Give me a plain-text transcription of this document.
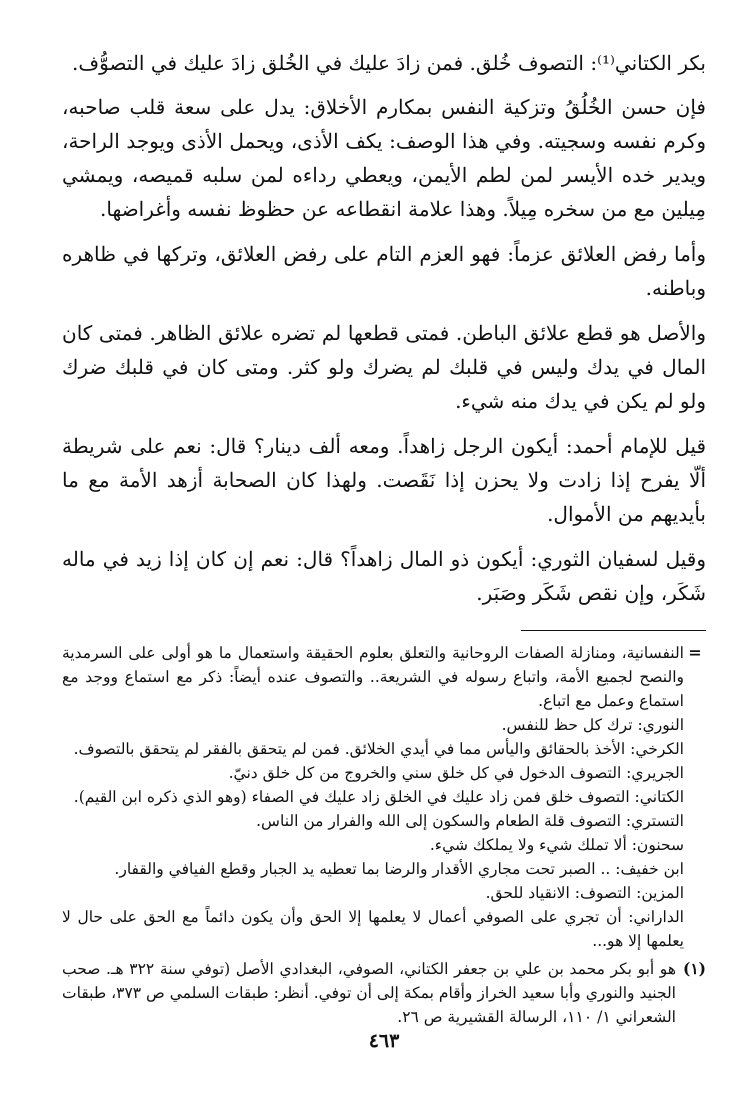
بكر الكتاني⁽¹⁾: التصوف خُلق. فمن زادَ عليك في الخُلق زادَ عليك في التصوُّف.

فإن حسن الخُلُقُ وتزكية النفس بمكارم الأخلاق: يدل على سعة قلب صاحبه، وكرم نفسه وسجيته. وفي هذا الوصف: يكف الأذى، ويحمل الأذى ويوجد الراحة، ويدير خده الأيسر لمن لطم الأيمن، ويعطي رداءه لمن سلبه قميصه، ويمشي مِيلين مع من سخره مِيلاً. وهذا علامة انقطاعه عن حظوظ نفسه وأغراضها.

وأما رفض العلائق عزماً: فهو العزم التام على رفض العلائق، وتركها في ظاهره وباطنه.

والأصل هو قطع علائق الباطن. فمتى قطعها لم تضره علائق الظاهر. فمتى كان المال في يدك وليس في قلبك لم يضرك ولو كثر. ومتى كان في قلبك ضرك ولو لم يكن في يدك منه شيء.

قيل للإمام أحمد: أيكون الرجل زاهداً. ومعه ألف دينار؟ قال: نعم على شريطة ألّا يفرح إذا زادت ولا يحزن إذا نَقَصت. ولهذا كان الصحابة أزهد الأمة مع ما بأيديهم من الأموال.

وقيل لسفيان الثوري: أيكون ذو المال زاهداً؟ قال: نعم إن كان إذا زيد في ماله شَكَر، وإن نقص شَكَر وصَبَر.

=

النفسانية، ومنازلة الصفات الروحانية والتعلق بعلوم الحقيقة واستعمال ما هو أولى على السرمدية والنصح لجميع الأمة، واتباع رسوله في الشريعة.. والتصوف عنده أيضاً: ذكر مع استماع ووجد مع استماع وعمل مع اتباع.

النوري: ترك كل حظ للنفس.

الكرخي: الأخذ بالحقائق واليأس مما في أيدي الخلائق. فمن لم يتحقق بالفقر لم يتحقق بالتصوف.

الجريري: التصوف الدخول في كل خلق سني والخروج من كل خلق دنيّ.

الكتاني: التصوف خلق فمن زاد عليك في الخلق زاد عليك في الصفاء (وهو الذي ذكره ابن القيم).

التستري: التصوف قلة الطعام والسكون إلى الله والفرار من الناس.

سحنون: ألا تملك شيء ولا يملكك شيء.

ابن خفيف: .. الصبر تحت مجاري الأقدار والرضا بما تعطيه يد الجبار وقطع الفيافي والقفار.

المزين: التصوف: الانقياد للحق.

الداراني: أن تجري على الصوفي أعمال لا يعلمها إلا الحق وأن يكون دائماً مع الحق على حال لا يعلمها إلا هو...

(١)
هو أبو بكر محمد بن علي بن جعفر الكتاني، الصوفي، البغدادي الأصل (توفي سنة ٣٢٢ هـ. صحب الجنيد والنوري وأبا سعيد الخراز وأقام بمكة إلى أن توفي. أنظر: طبقات السلمي ص ٣٧٣، طبقات الشعراني ١/ ١١٠، الرسالة القشيرية ص ٢٦.
٤٦٣
